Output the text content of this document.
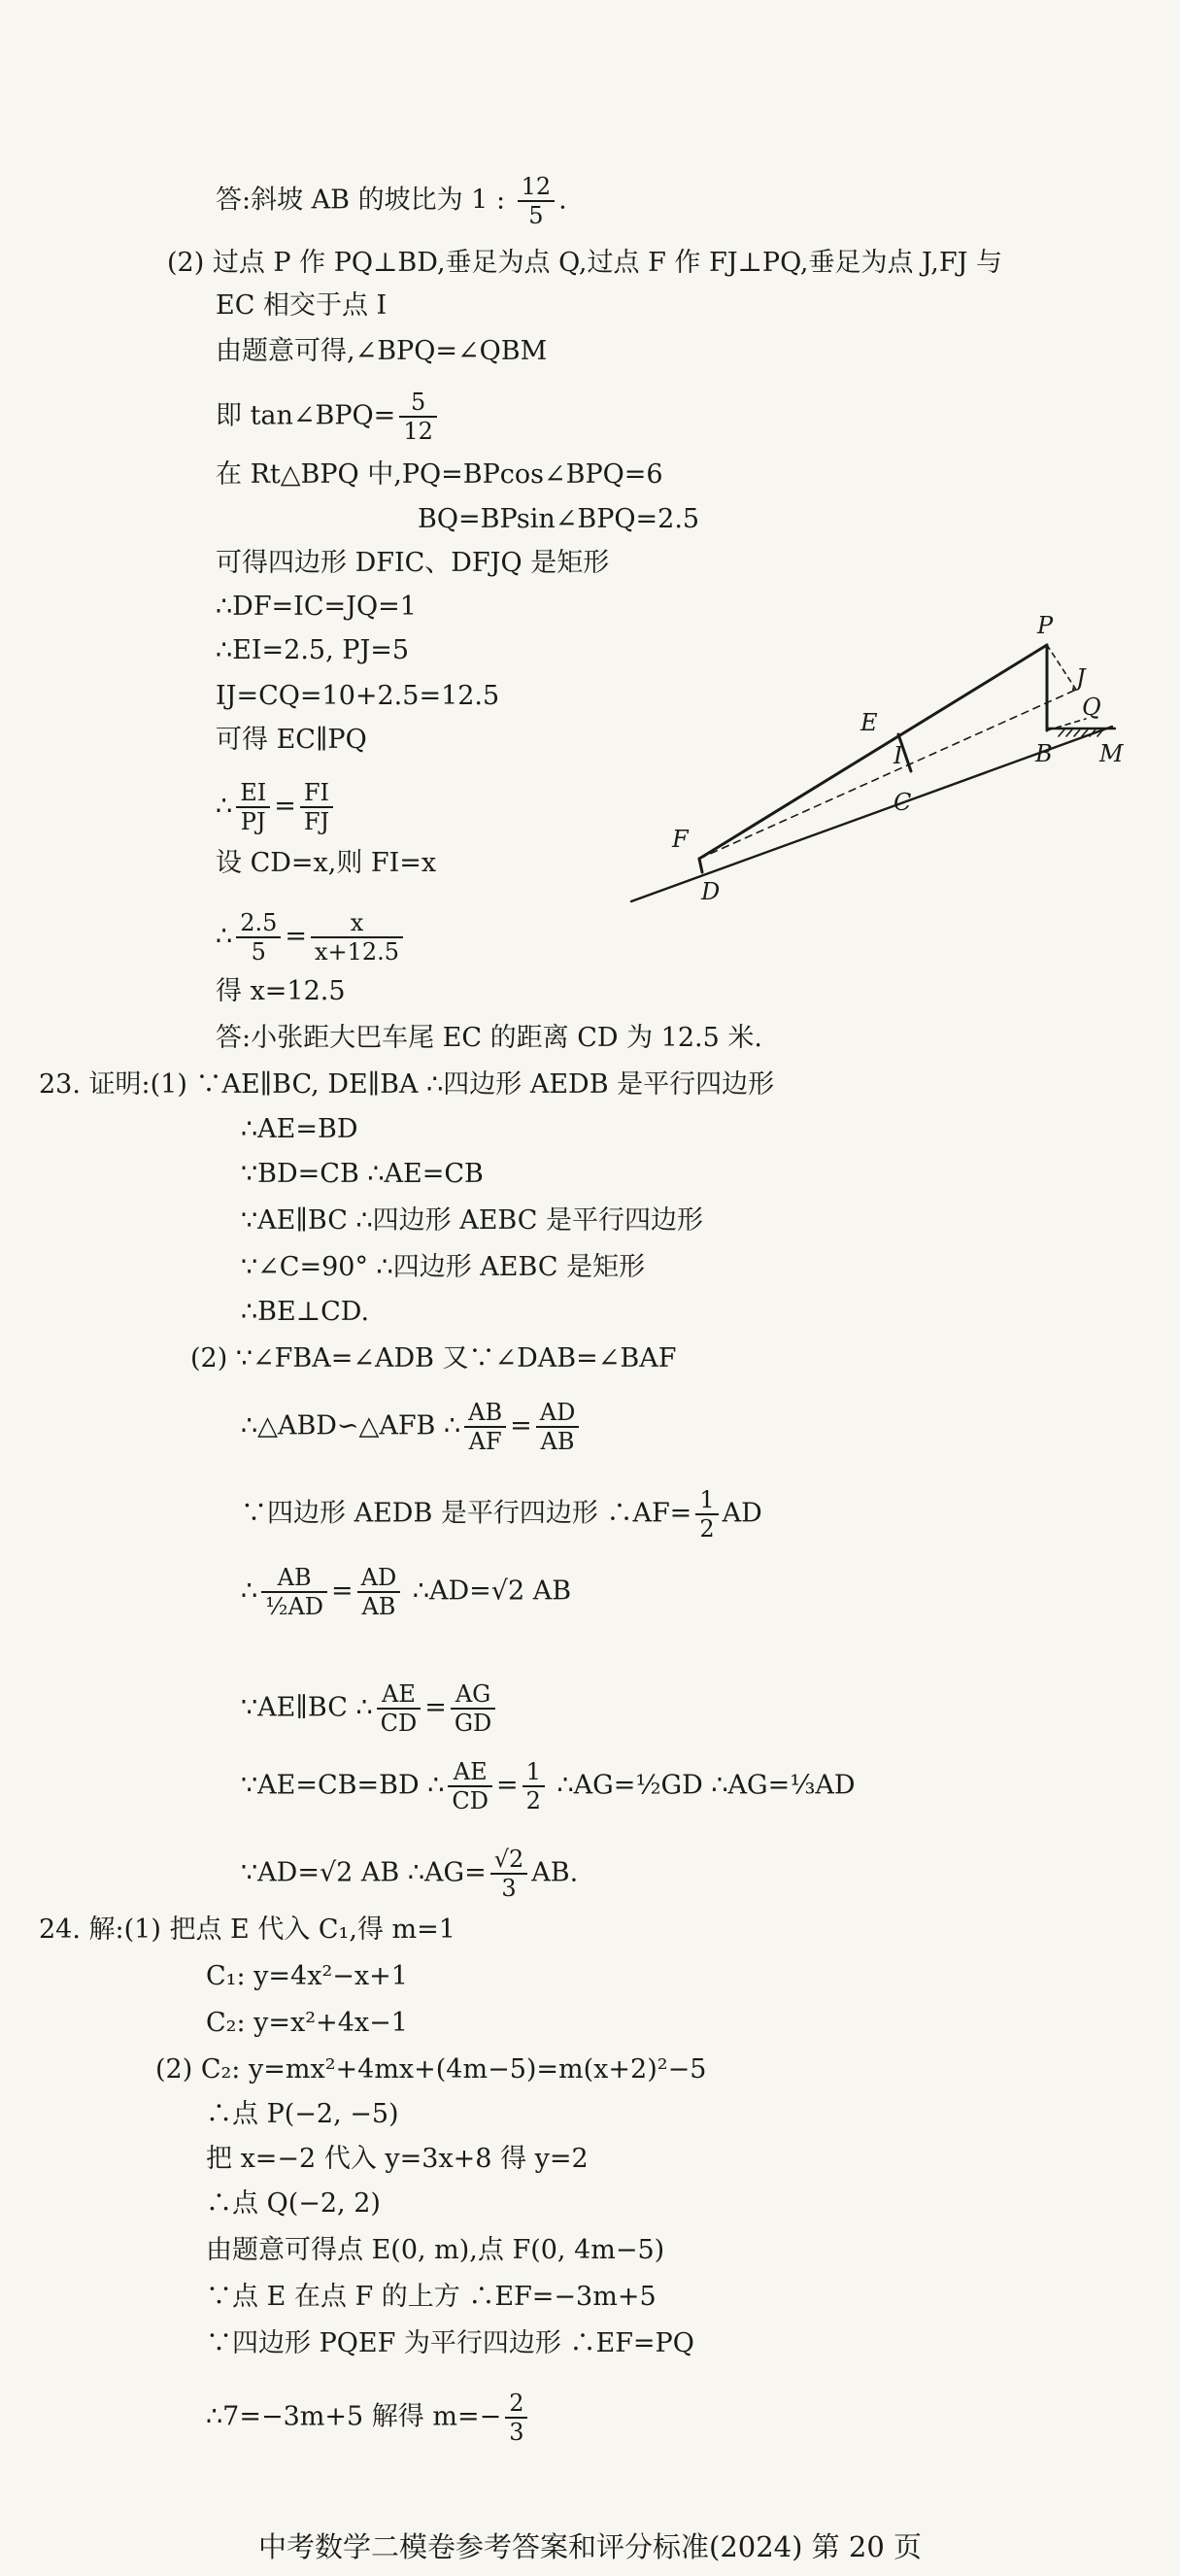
答:斜坡 AB 的坡比为 1 : $\frac{12}{5}$ .
(2) 过点 P 作 PQ⊥BD,垂足为点 Q,过点 F 作 FJ⊥PQ,垂足为点 J,FJ 与
EC 相交于点 I
由题意可得,∠BPQ=∠QBM
即 tan∠BPQ= $\frac{5}{12}$
在 Rt△BPQ 中,PQ=BPcos∠BPQ=6
BQ=BPsin∠BPQ=2.5
可得四边形 DFIC、DFJQ 是矩形
∴DF=IC=JQ=1
∴EI=2.5, PJ=5
IJ=CQ=10+2.5=12.5
可得 EC∥PQ
∴ $\frac{EI}{PJ} = \frac{FI}{FJ}$
设 CD=x,则 FI=x
∴ $\frac{2.5}{5} = \frac{x}{x+12.5}$
得 x=12.5
答:小张距大巴车尾 EC 的距离 CD 为 12.5 米.
23. 证明:(1) ∵AE∥BC, DE∥BA ∴四边形 AEDB 是平行四边形
∴AE=BD
∵BD=CB ∴AE=CB
∵AE∥BC ∴四边形 AEBC 是平行四边形
∵∠C=90° ∴四边形 AEBC 是矩形
∴BE⊥CD.
(2) ∵∠FBA=∠ADB 又∵∠DAB=∠BAF
∴△ABD∽△AFB ∴ $\frac{AB}{AF} = \frac{AD}{AB}$
∵四边形 AEDB 是平行四边形 ∴AF= $\frac{1}{2}$ AD
∴ $\frac{AB}{\text{½AD}} = \frac{AD}{AB}$ ∴AD=√2 AB
∵AE∥BC ∴ $\frac{AE}{CD} = \frac{AG}{GD}$
∵AE=CB=BD ∴ $\frac{AE}{CD} = \frac{1}{2}$ ∴AG=½GD ∴AG=⅓AD
∵AD=√2 AB ∴AG= $\frac{√2}{3}$ AB.
24. 解:(1) 把点 E 代入 C₁,得 m=1
C₁: y=4x²−x+1
C₂: y=x²+4x−1
(2) C₂: y=mx²+4mx+(4m−5)=m(x+2)²−5
∴点 P(−2, −5)
把 x=−2 代入 y=3x+8 得 y=2
∴点 Q(−2, 2)
由题意可得点 E(0, m),点 F(0, 4m−5)
∵点 E 在点 F 的上方 ∴EF=−3m+5
∵四边形 PQEF 为平行四边形 ∴EF=PQ
∴7=−3m+5 解得 $m=- \frac{2}{3}$
P
J
Q
E
I	B M
C
F
D
中考数学二模卷参考答案和评分标准(2024) 第 20 页
